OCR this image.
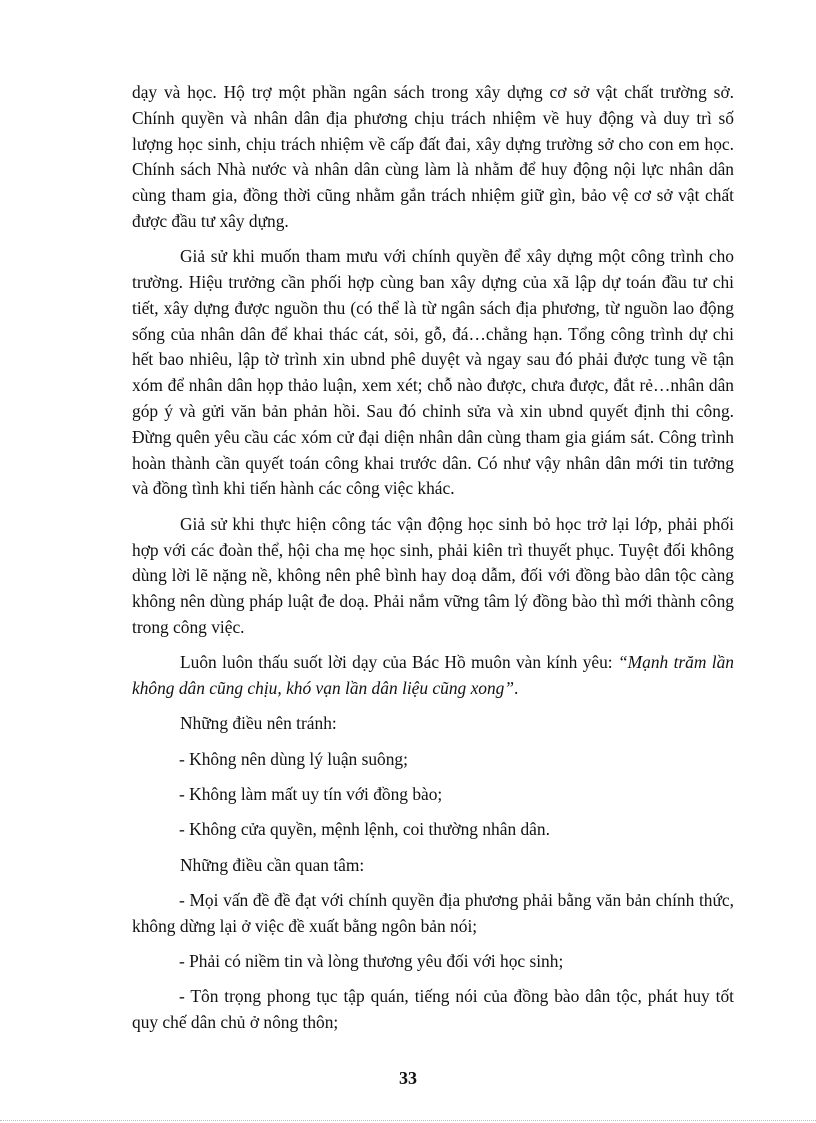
dạy và học. Hộ trợ một phần ngân sách trong xây dựng cơ sở vật chất trường sở. Chính quyền và nhân dân địa phương chịu trách nhiệm về huy động và duy trì số lượng học sinh, chịu trách nhiệm về cấp đất đai, xây dựng trường sở cho con em học. Chính sách Nhà nước và nhân dân cùng làm là nhằm để huy động nội lực nhân dân cùng tham gia, đồng thời cũng nhằm gắn trách nhiệm giữ gìn, bảo vệ cơ sở vật chất được đầu tư xây dựng.

Giả sử khi muốn tham mưu với chính quyền để xây dựng một công trình cho trường. Hiệu trưởng cần phối hợp cùng ban xây dựng của xã lập dự toán đầu tư chi tiết, xây dựng được nguồn thu (có thể là từ ngân sách địa phương, từ nguồn lao động sống của nhân dân để khai thác cát, sỏi, gỗ, đá…chẳng hạn. Tổng công trình dự chi hết bao nhiêu, lập tờ trình xin ubnd phê duyệt và ngay sau đó phải được tung về tận xóm để nhân dân họp thảo luận, xem xét; chỗ nào được, chưa được, đắt rẻ…nhân dân góp ý và gửi văn bản phản hồi. Sau đó chỉnh sửa và xin ubnd quyết định thi công. Đừng quên yêu cầu các xóm cử đại diện nhân dân cùng tham gia giám sát. Công trình hoàn thành cần quyết toán công khai trước dân. Có như vậy nhân dân mới tin tưởng và đồng tình khi tiến hành các công việc khác.

Giả sử khi thực hiện công tác vận động học sinh bỏ học trở lại lớp, phải phối hợp với các đoàn thể, hội cha mẹ học sinh, phải kiên trì thuyết phục. Tuyệt đối không dùng lời lẽ nặng nề, không nên phê bình hay doạ dẫm, đối với đồng bào dân tộc càng không nên dùng pháp luật đe doạ. Phải nắm vững tâm lý đồng bào thì mới thành công trong công việc.

Luôn luôn thấu suốt lời dạy của Bác Hồ muôn vàn kính yêu: “Mạnh trăm lần không dân cũng chịu, khó vạn lần dân liệu cũng xong”.

Những điều nên tránh:

- Không nên dùng lý luận suông;

- Không làm mất uy tín với đồng bào;

- Không cửa quyền, mệnh lệnh, coi thường nhân dân.

Những điều cần quan tâm:

- Mọi vấn đề đề đạt với chính quyền địa phương phải bằng văn bản chính thức, không dừng lại ở việc đề xuất bằng ngôn bản nói;

- Phải có niềm tin và lòng thương yêu đối với học sinh;

- Tôn trọng phong tục tập quán, tiếng nói của đồng bào dân tộc, phát huy tốt quy chế dân chủ ở nông thôn;

33
